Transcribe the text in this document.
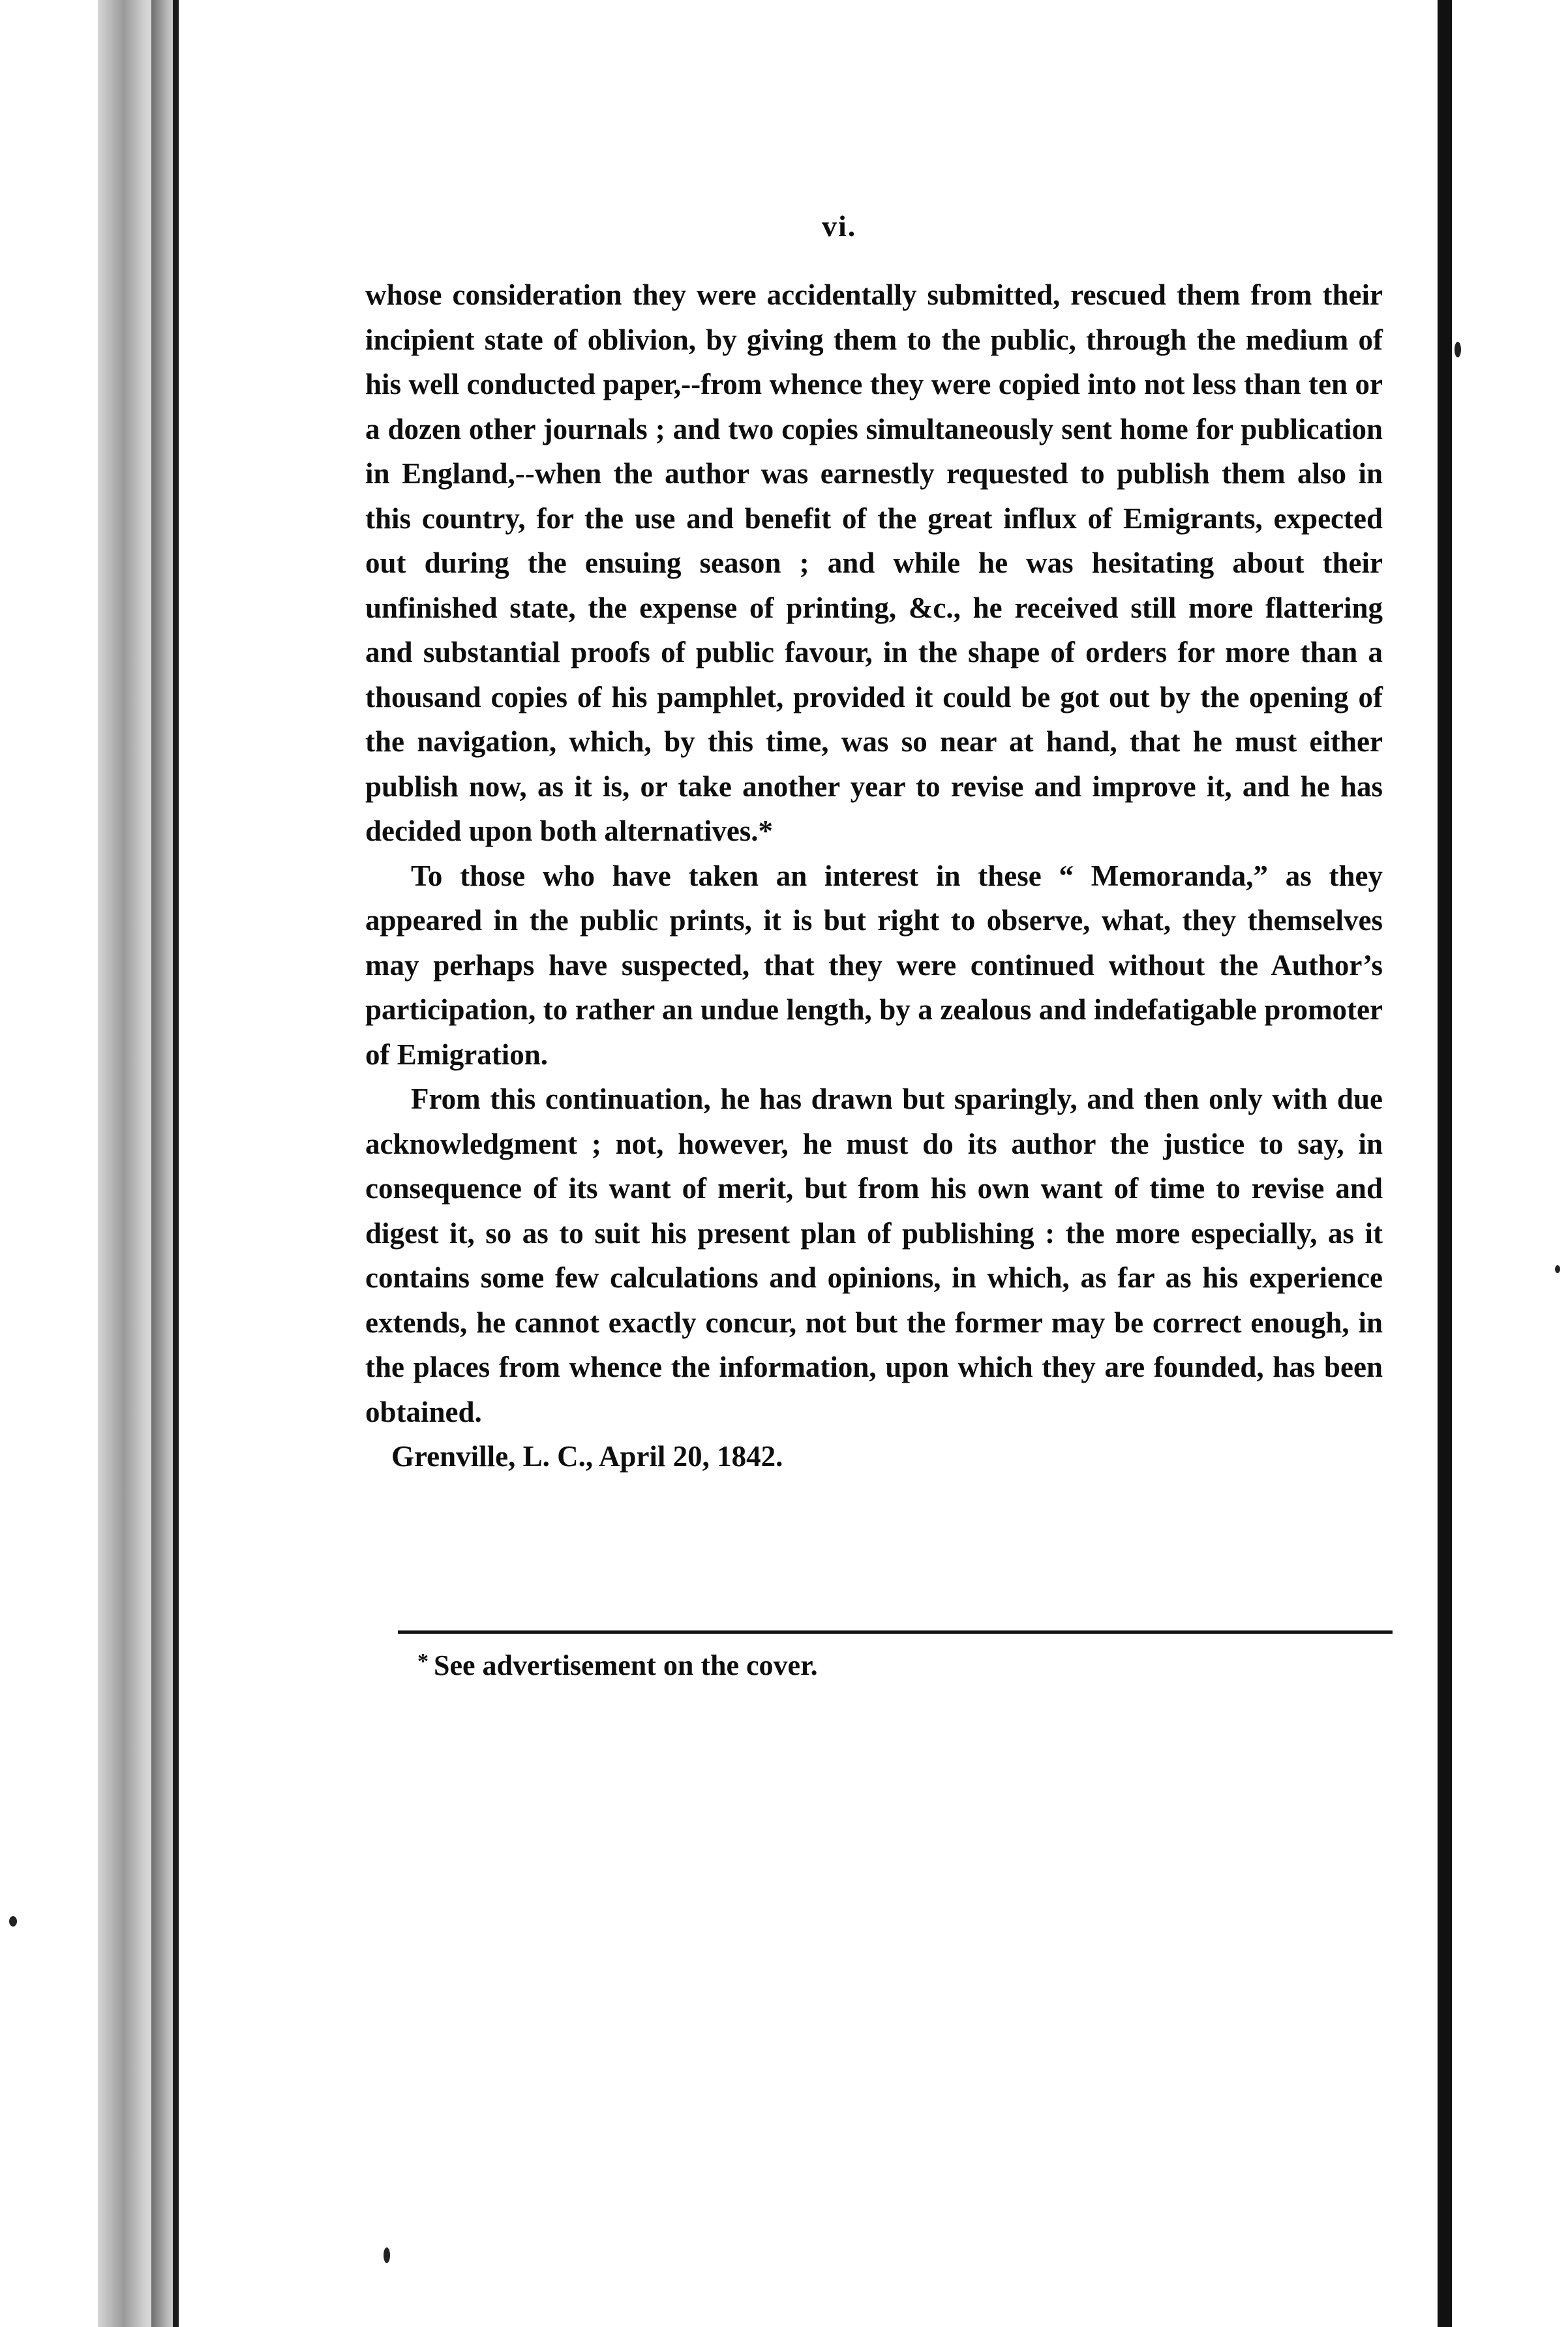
vi.

whose consideration they were accidentally submitted, rescued them from their incipient state of oblivion, by giving them to the public, through the medium of his well conducted paper,--from whence they were copied into not less than ten or a dozen other journals ; and two copies simultaneously sent home for publication in England,--when the author was earnestly requested to publish them also in this country, for the use and benefit of the great influx of Emigrants, expected out during the ensuing season ; and while he was hesitating about their unfinished state, the expense of printing, &c., he received still more flattering and substantial proofs of public favour, in the shape of orders for more than a thousand copies of his pamphlet, provided it could be got out by the opening of the navigation, which, by this time, was so near at hand, that he must either publish now, as it is, or take another year to revise and improve it, and he has decided upon both alternatives.*

To those who have taken an interest in these “ Memoranda,” as they appeared in the public prints, it is but right to observe, what, they themselves may perhaps have suspected, that they were continued without the Author’s participation, to rather an undue length, by a zealous and indefatigable promoter of Emigration.

From this continuation, he has drawn but sparingly, and then only with due acknowledgment ; not, however, he must do its author the justice to say, in consequence of its want of merit, but from his own want of time to revise and digest it, so as to suit his present plan of publishing : the more especially, as it contains some few calculations and opinions, in which, as far as his experience extends, he cannot exactly concur, not but the former may be correct enough, in the places from whence the information, upon which they are founded, has been obtained.

Grenville, L. C., April 20, 1842.

* See advertisement on the cover.
